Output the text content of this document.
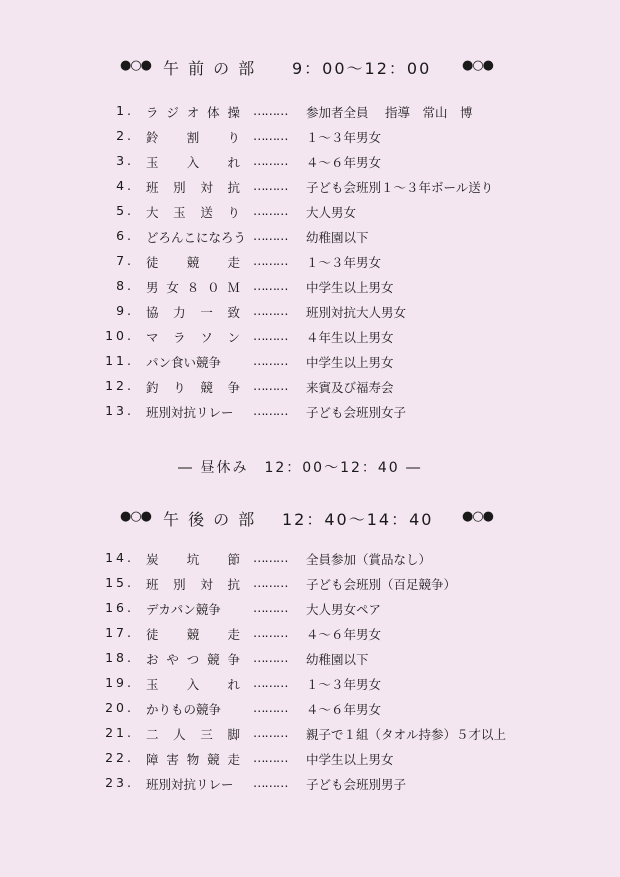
●○● 午 前 の 部 9：00～12：00 ●○●
1. ラ ジ オ 体 操 ……… 参加者全員　 指導　常山　博
2. 鈴 割 り ……… １～３年男女
3. 玉 入 れ ……… ４～６年男女
4. 班 別 対 抗 ……… 子ども会班別１～３年ボール送り
5. 大 玉 送 り ……… 大人男女
6. どろんこになろう ……… 幼稚園以下
7. 徒 競 走 ……… １～３年男女
8. 男 女 ８ ０ Ｍ ……… 中学生以上男女
9. 協 力 一 致 ……… 班別対抗大人男女
10. マ ラ ソ ン ……… ４年生以上男女
11. パン食い競争	……… 中学生以上男女
12. 釣 り 競 争 ……… 来賓及び福寿会
13. 班別対抗リレー	……… 子ども会班別女子
― 昼休み　12：00～12：40 ―
●○● 午 後 の 部 12：40～14：40 ●○●
14. 炭 坑 節 ……… 全員参加（賞品なし）
15. 班 別 対 抗 ……… 子ども会班別（百足競争）
16. デカパン競争	……… 大人男女ペア
17. 徒 競 走 ……… ４～６年男女
18. お や つ 競 争 ……… 幼稚園以下
19. 玉 入 れ ……… １～３年男女
20. かりもの競争	……… ４～６年男女
21. 二 人 三 脚 ……… 親子で１組（タオル持参）５才以上
22. 障 害 物 競 走 ……… 中学生以上男女
23. 班別対抗リレー	……… 子ども会班別男子
